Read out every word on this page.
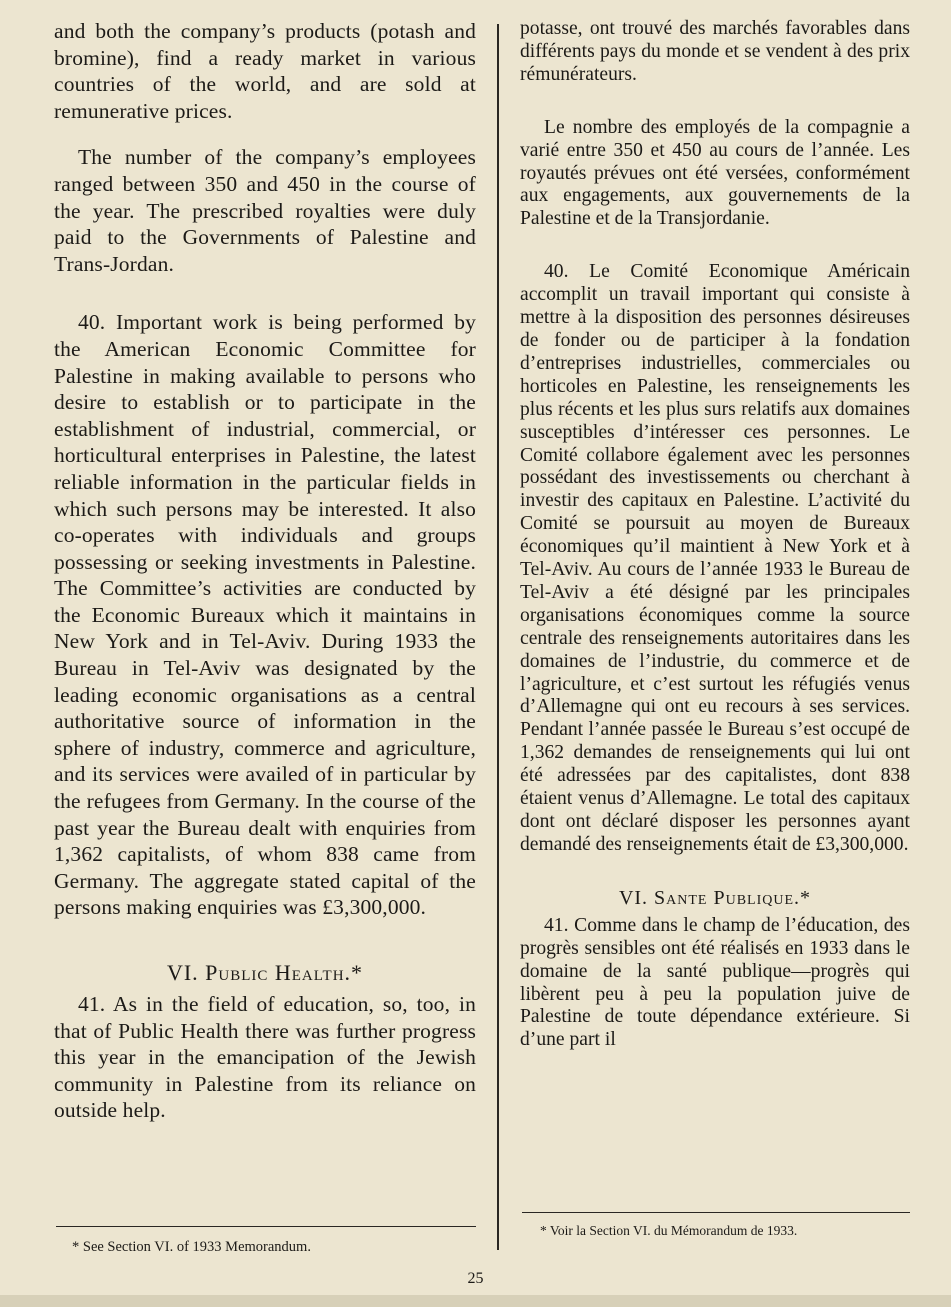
and both the company’s products (potash and bromine), find a ready market in various countries of the world, and are sold at remunerative prices.

The number of the company’s employees ranged between 350 and 450 in the course of the year. The prescribed royalties were duly paid to the Governments of Palestine and Trans-Jordan.

40. Important work is being performed by the American Economic Committee for Palestine in making available to persons who desire to establish or to participate in the establishment of industrial, commercial, or horticultural enterprises in Palestine, the latest reliable information in the particular fields in which such persons may be interested. It also co-operates with individuals and groups possessing or seeking investments in Palestine. The Committee’s activities are conducted by the Economic Bureaux which it maintains in New York and in Tel-Aviv. During 1933 the Bureau in Tel-Aviv was designated by the leading economic organisations as a central authoritative source of information in the sphere of industry, commerce and agriculture, and its services were availed of in particular by the refugees from Germany. In the course of the past year the Bureau dealt with enquiries from 1,362 capitalists, of whom 838 came from Germany. The aggregate stated capital of the persons making enquiries was £3,300,000.

VI. Public Health.*

41. As in the field of education, so, too, in that of Public Health there was further progress this year in the emancipation of the Jewish community in Palestine from its reliance on outside help.

potasse, ont trouvé des marchés favorables dans différents pays du monde et se vendent à des prix rémunérateurs.

Le nombre des employés de la compagnie a varié entre 350 et 450 au cours de l’année. Les royautés prévues ont été versées, conformément aux engagements, aux gouvernements de la Palestine et de la Transjordanie.

40. Le Comité Economique Américain accomplit un travail important qui consiste à mettre à la disposition des personnes désireuses de fonder ou de participer à la fondation d’entreprises industrielles, commerciales ou horticoles en Palestine, les renseignements les plus récents et les plus surs relatifs aux domaines susceptibles d’intéresser ces personnes. Le Comité collabore également avec les personnes possédant des investissements ou cherchant à investir des capitaux en Palestine. L’activité du Comité se poursuit au moyen de Bureaux économiques qu’il maintient à New York et à Tel-Aviv. Au cours de l’année 1933 le Bureau de Tel-Aviv a été désigné par les principales organisations économiques comme la source centrale des renseignements autoritaires dans les domaines de l’industrie, du commerce et de l’agriculture, et c’est surtout les réfugiés venus d’Allemagne qui ont eu recours à ses services. Pendant l’année passée le Bureau s’est occupé de 1,362 demandes de renseignements qui lui ont été adressées par des capitalistes, dont 838 étaient venus d’Allemagne. Le total des capitaux dont ont déclaré disposer les personnes ayant demandé des renseignements était de £3,300,000.

VI. Sante Publique.*

41. Comme dans le champ de l’éducation, des progrès sensibles ont été réalisés en 1933 dans le domaine de la santé publique—progrès qui libèrent peu à peu la population juive de Palestine de toute dépendance extérieure. Si d’une part il

* See Section VI. of 1933 Memorandum.
* Voir la Section VI. du Mémorandum de 1933.
25
